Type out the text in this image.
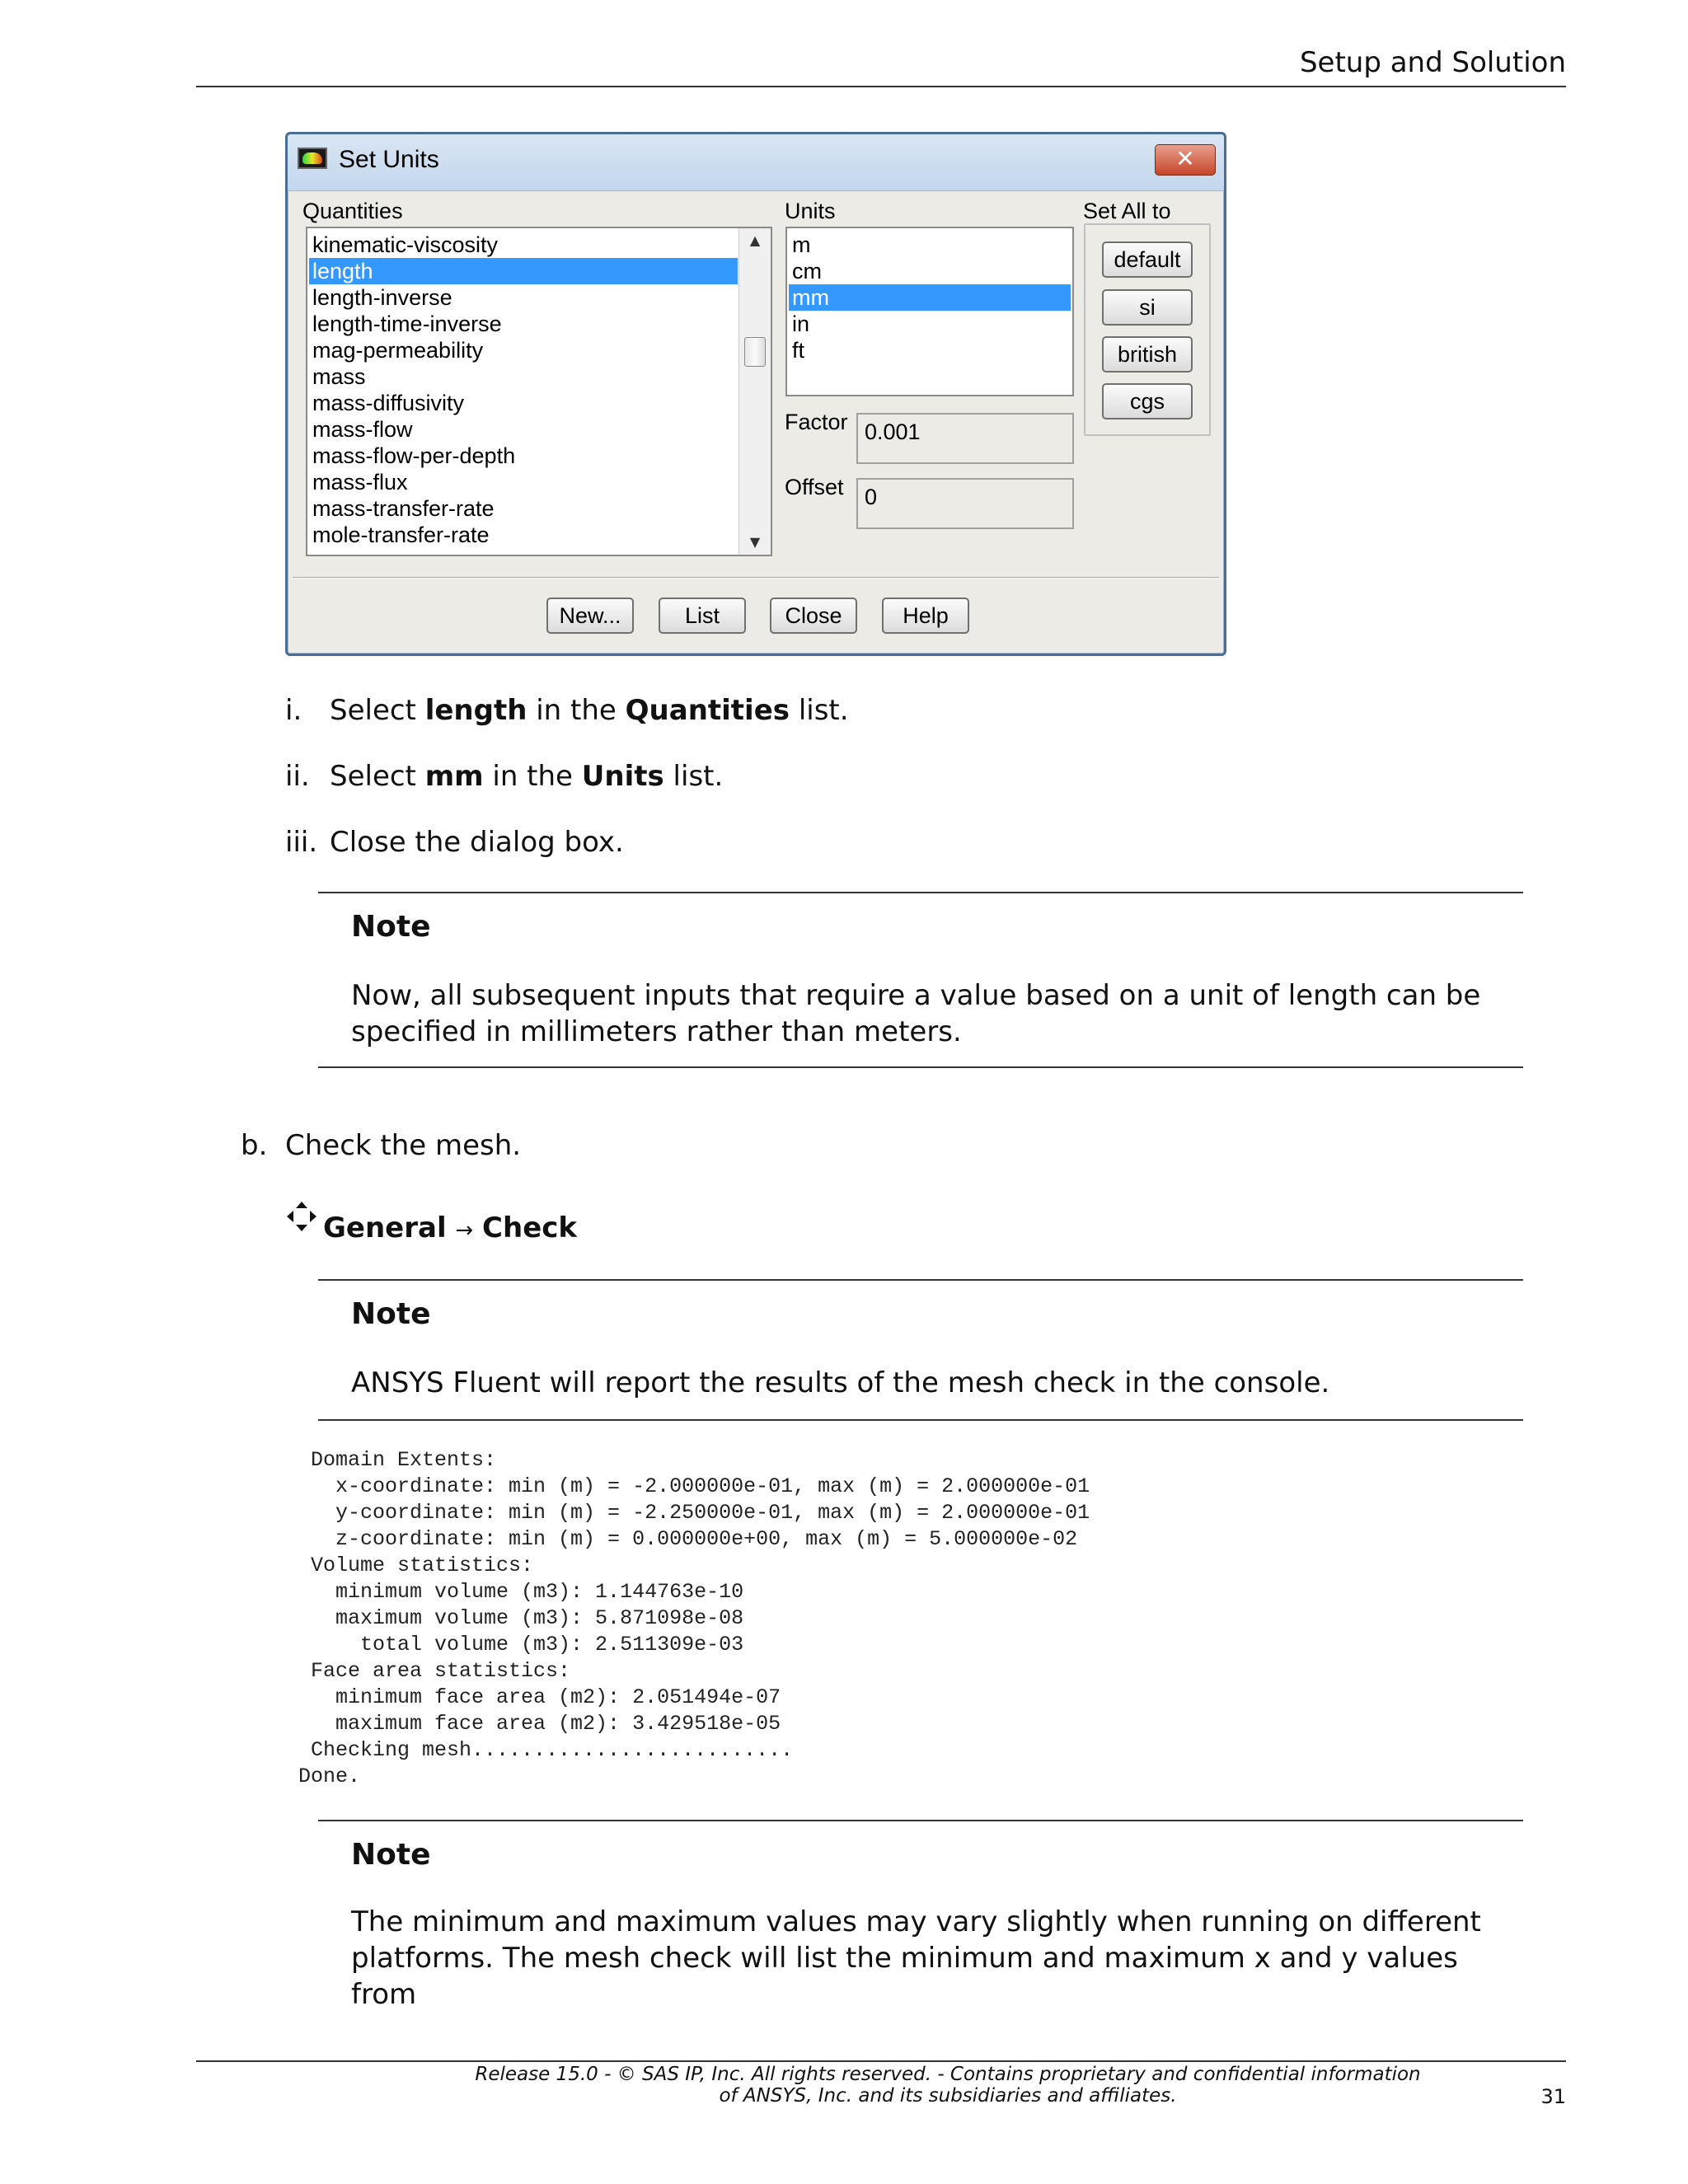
Setup and Solution
Set Units	✕
Quantities
kinematic-viscosity
length
length-inverse
length-time-inverse
mag-permeability
mass
mass-diffusivity
mass-flow
mass-flow-per-depth
mass-flux
mass-transfer-rate
mole-transfer-rate
▲
▼
Units
m
cm
mm
in
ft
Factor 0.001
Offset 0
Set All to
default
si
british
cgs
New...	List	Close	Help
i. Select length in the Quantities list.
ii. Select mm in the Units list.
iii. Close the dialog box.
Note
Now, all subsequent inputs that require a value based on a unit of length can be specified in millimeters rather than meters.
b. Check the mesh.
General → Check
Note
ANSYS Fluent will report the results of the mesh check in the console.
Domain Extents:
x-coordinate: min (m) = -2.000000e-01, max (m) = 2.000000e-01
y-coordinate: min (m) = -2.250000e-01, max (m) = 2.000000e-01
z-coordinate: min (m) = 0.000000e+00, max (m) = 5.000000e-02
Volume statistics:
minimum volume (m3): 1.144763e-10
maximum volume (m3): 5.871098e-08
total volume (m3): 2.511309e-03
Face area statistics:
minimum face area (m2): 2.051494e-07
maximum face area (m2): 3.429518e-05
Checking mesh..........................
Done.
Note
The minimum and maximum values may vary slightly when running on different platforms. The mesh check will list the minimum and maximum x and y values from
Release 15.0 - © SAS IP, Inc. All rights reserved. - Contains proprietary and confidential information
of ANSYS, Inc. and its subsidiaries and affiliates.	31
